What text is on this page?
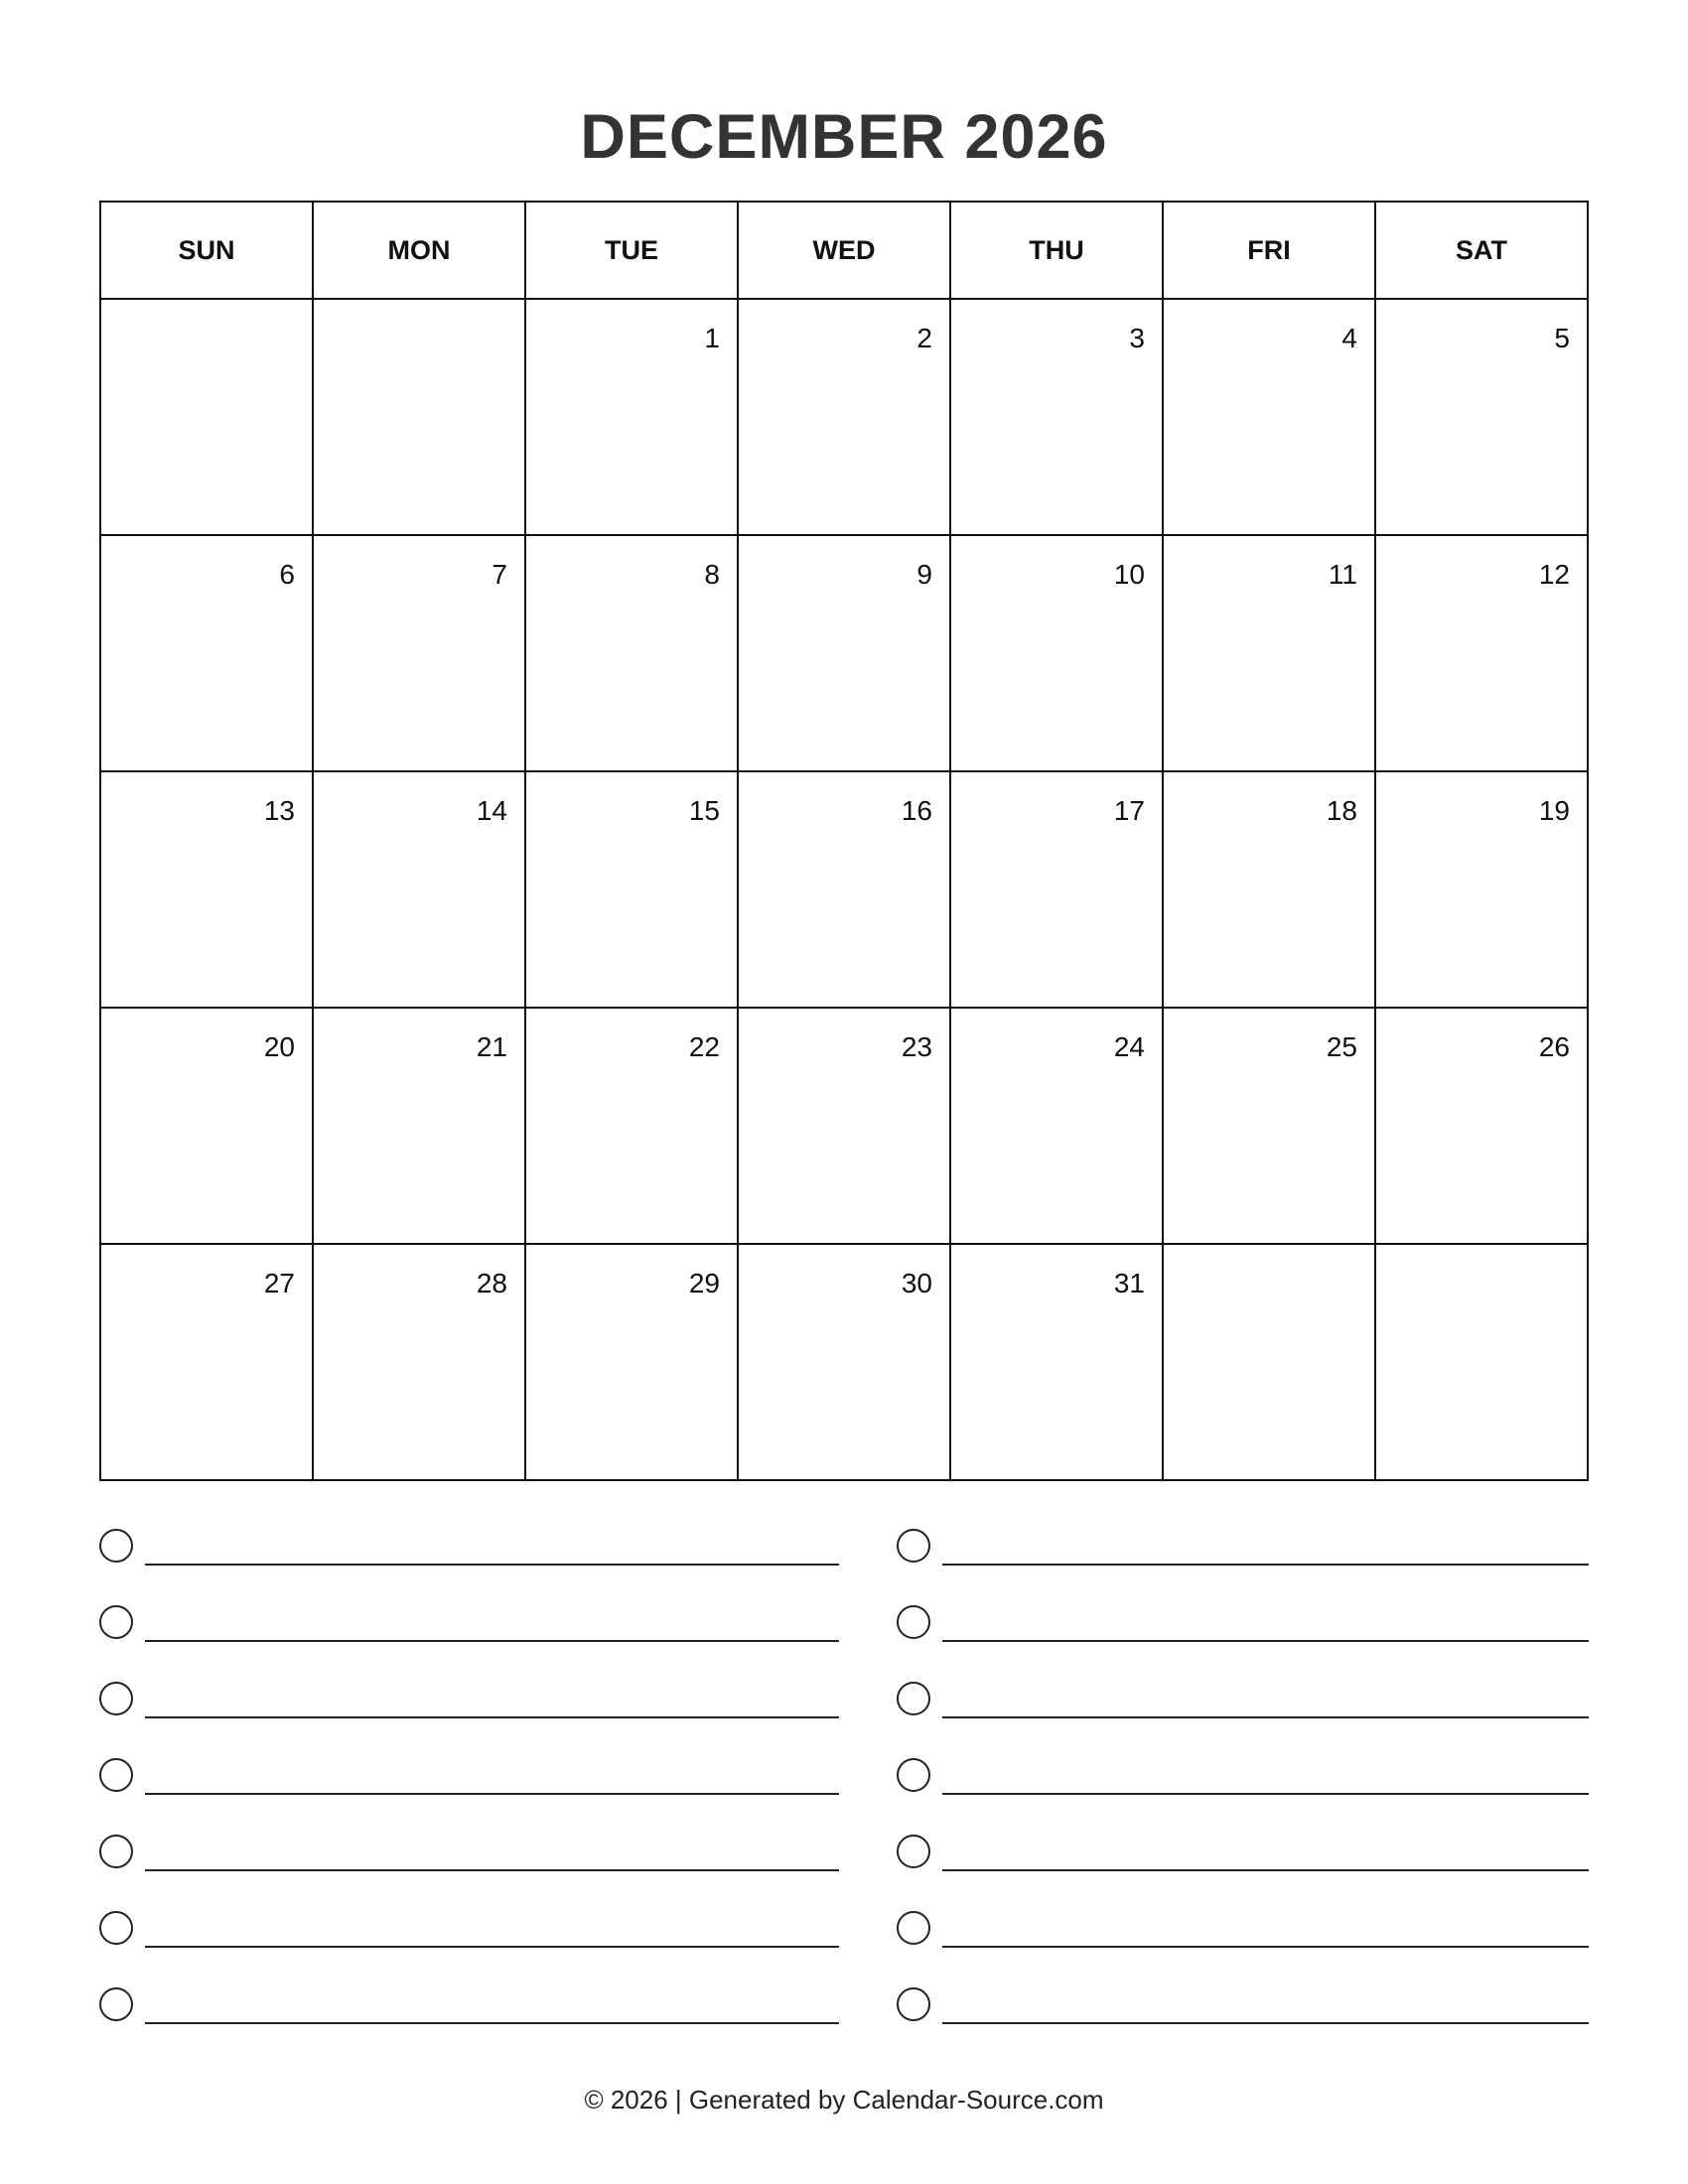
DECEMBER 2026
SUN	MON	TUE	WED	THU	FRI	SAT

		1	2	3	4	5

6	7	8	9	10	11	12

13	14	15	16	17	18	19

20	21	22	23	24	25	26

27	28	29	30	31		

© 2026 | Generated by Calendar-Source.com
